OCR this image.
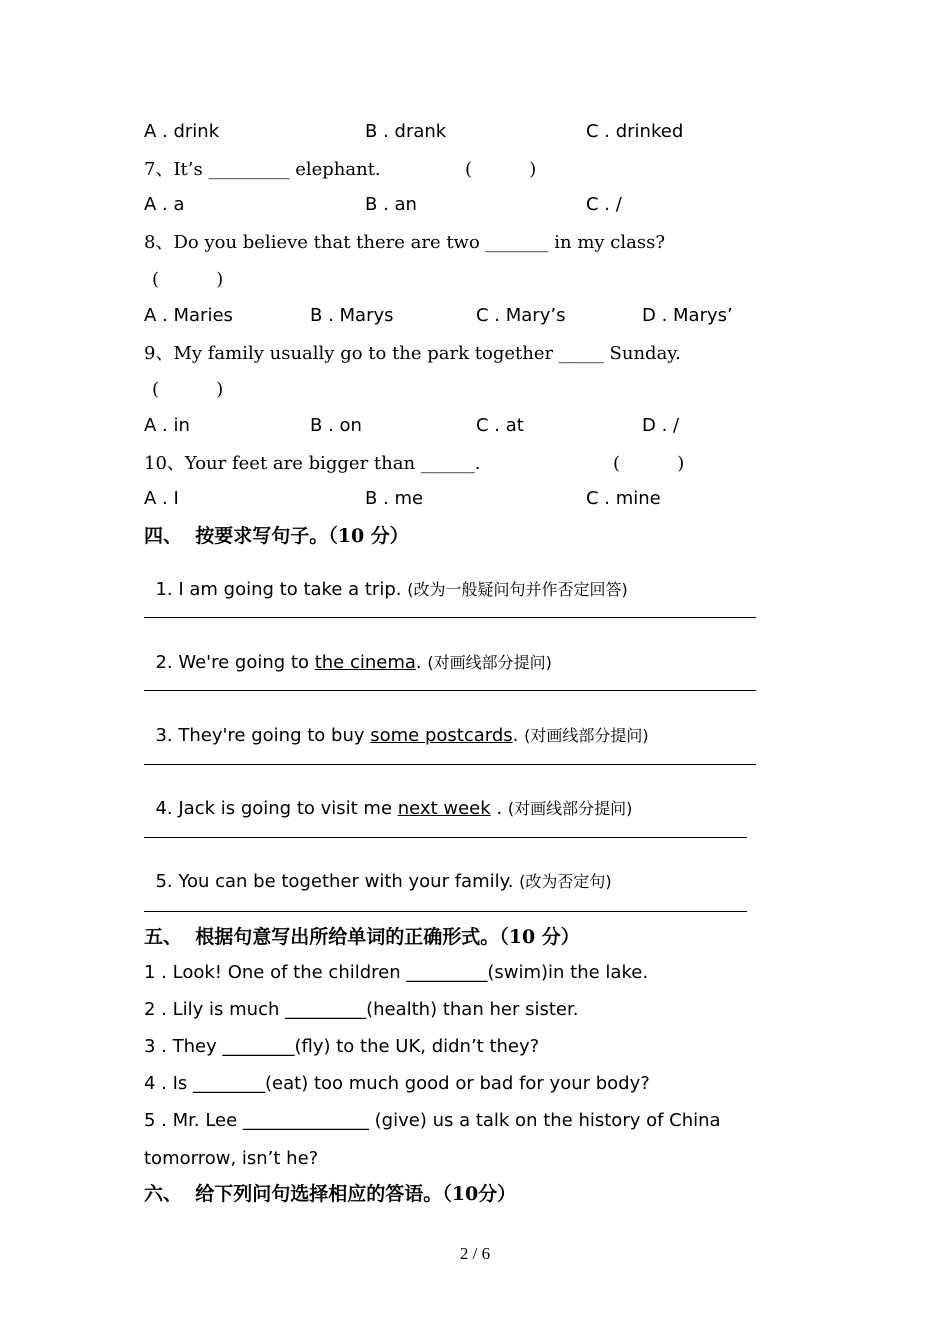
A . drink	B . drank	C . drinked
7、It’s _________ elephant.	(          )
A . a	B . an	C . /
8、Do you believe that there are two _______ in my class?
(          )
A . Maries	B . Marys	C . Mary’s	D . Marys’
9、My family usually go to the park together _____ Sunday.
(          )
A . in	B . on	C . at	D . /
10、Your feet are bigger than ______.	(          )
A . I	B . me	C . mine
四、  按要求写句子。（10 分）

1. I am going to take a trip. (改为一般疑问句并作否定回答)

2. We're going to the cinema. (对画线部分提问)

3. They're going to buy some postcards. (对画线部分提问)

4. Jack is going to visit me next week . (对画线部分提问)

5. You can be together with your family. (改为否定句)

五、  根据句意写出所给单词的正确形式。（10 分）
1 . Look! One of the children _________(swim)in the lake.
2 . Lily is much _________(health) than her sister.
3 . They ________(fly) to the UK, didn’t they?
4 . Is ________(eat) too much good or bad for your body?
5 . Mr. Lee ______________ (give) us a talk on the history of China
tomorrow, isn’t he?
六、  给下列问句选择相应的答语。（10分）
2 / 6
